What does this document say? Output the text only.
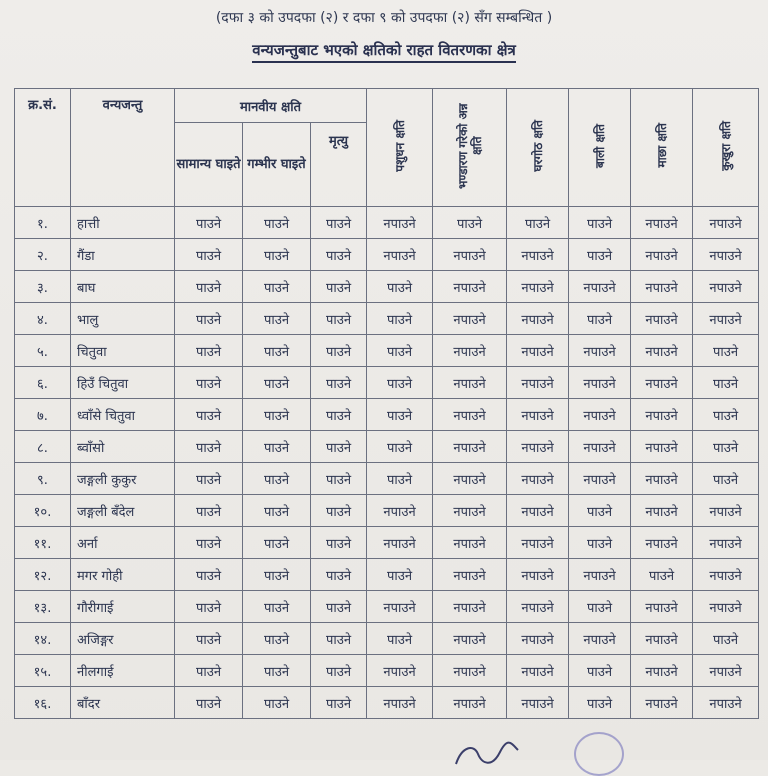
(दफा ३ को उपदफा (२) र दफा ९ को उपदफा (२) सँग सम्बन्धित )
वन्यजन्तुबाट भएको क्षतिको राहत वितरणका क्षेत्र
क्र.सं.	वन्यजन्तु	मानवीय क्षति			पशुधन क्षति	भण्डारण गरेको अन्न क्षति	घरगोठ क्षति	बाली क्षति	माछा क्षति	कुखुरा क्षति
		सामान्य घाइते	गम्भीर घाइते	मृत्यु						
१.	हात्ती	पाउने	पाउने	पाउने	नपाउने	पाउने	पाउने	पाउने	नपाउने	नपाउने
२.	गैंडा	पाउने	पाउने	पाउने	नपाउने	नपाउने	नपाउने	पाउने	नपाउने	नपाउने
३.	बाघ	पाउने	पाउने	पाउने	पाउने	नपाउने	नपाउने	नपाउने	नपाउने	नपाउने
४.	भालु	पाउने	पाउने	पाउने	पाउने	नपाउने	नपाउने	पाउने	नपाउने	नपाउने
५.	चितुवा	पाउने	पाउने	पाउने	पाउने	नपाउने	नपाउने	नपाउने	नपाउने	पाउने
६.	हिउँ चितुवा	पाउने	पाउने	पाउने	पाउने	नपाउने	नपाउने	नपाउने	नपाउने	पाउने
७.	ध्वाँसे चितुवा	पाउने	पाउने	पाउने	पाउने	नपाउने	नपाउने	नपाउने	नपाउने	पाउने
८.	ब्वाँसो	पाउने	पाउने	पाउने	पाउने	नपाउने	नपाउने	नपाउने	नपाउने	पाउने
९.	जङ्गली कुकुर	पाउने	पाउने	पाउने	पाउने	नपाउने	नपाउने	नपाउने	नपाउने	पाउने
१०.	जङ्गली बँदेल	पाउने	पाउने	पाउने	नपाउने	नपाउने	नपाउने	पाउने	नपाउने	नपाउने
११.	अर्ना	पाउने	पाउने	पाउने	नपाउने	नपाउने	नपाउने	पाउने	नपाउने	नपाउने
१२.	मगर गोही	पाउने	पाउने	पाउने	पाउने	नपाउने	नपाउने	नपाउने	पाउने	नपाउने
१३.	गौरीगाई	पाउने	पाउने	पाउने	नपाउने	नपाउने	नपाउने	पाउने	नपाउने	नपाउने
१४.	अजिङ्गर	पाउने	पाउने	पाउने	पाउने	नपाउने	नपाउने	नपाउने	नपाउने	पाउने
१५.	नीलगाई	पाउने	पाउने	पाउने	नपाउने	नपाउने	नपाउने	पाउने	नपाउने	नपाउने
१६.	बाँदर	पाउने	पाउने	पाउने	नपाउने	नपाउने	नपाउने	पाउने	नपाउने	नपाउने
